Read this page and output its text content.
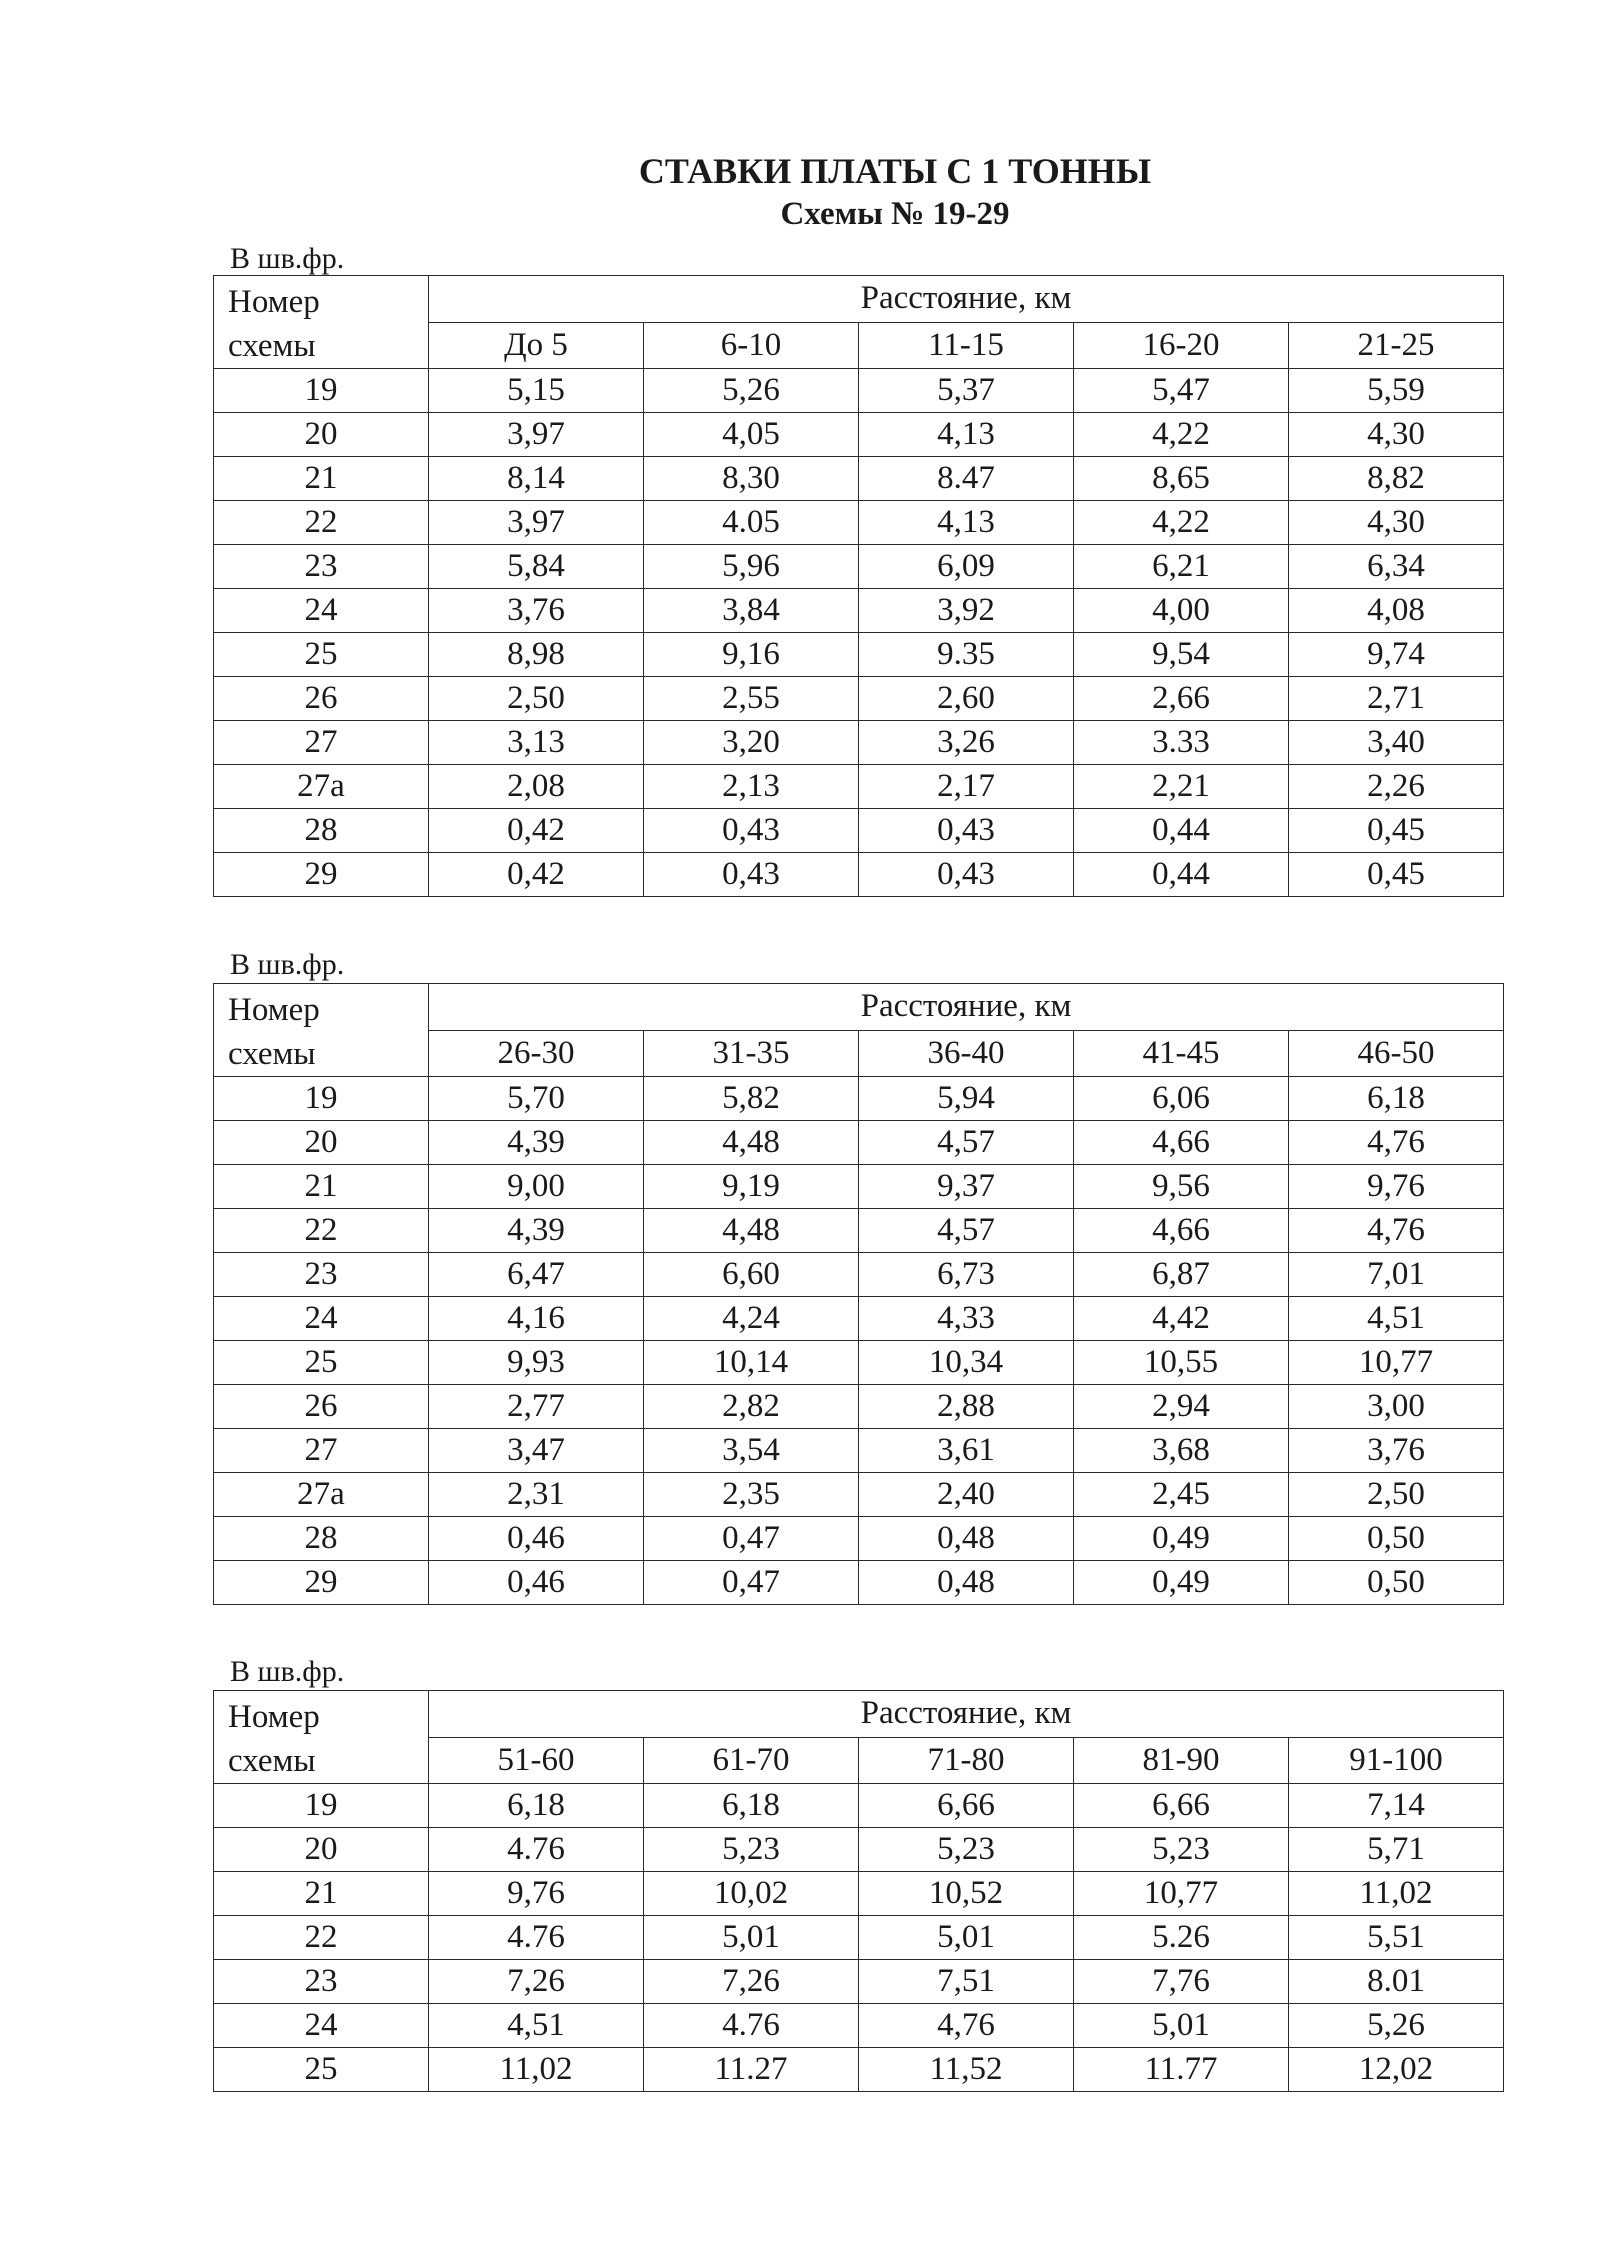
СТАВКИ ПЛАТЫ С 1 ТОННЫ
Схемы № 19-29
В шв.фр.
Номер
схемы	Расстояние, км				
	До 5	6-10	11-15	16-20	21-25
19	5,15	5,26	5,37	5,47	5,59
20	3,97	4,05	4,13	4,22	4,30
21	8,14	8,30	8.47	8,65	8,82
22	3,97	4.05	4,13	4,22	4,30
23	5,84	5,96	6,09	6,21	6,34
24	3,76	3,84	3,92	4,00	4,08
25	8,98	9,16	9.35	9,54	9,74
26	2,50	2,55	2,60	2,66	2,71
27	3,13	3,20	3,26	3.33	3,40
27а	2,08	2,13	2,17	2,21	2,26
28	0,42	0,43	0,43	0,44	0,45
29	0,42	0,43	0,43	0,44	0,45
В шв.фр.
Номер
схемы	Расстояние, км				
	26-30	31-35	36-40	41-45	46-50
19	5,70	5,82	5,94	6,06	6,18
20	4,39	4,48	4,57	4,66	4,76
21	9,00	9,19	9,37	9,56	9,76
22	4,39	4,48	4,57	4,66	4,76
23	6,47	6,60	6,73	6,87	7,01
24	4,16	4,24	4,33	4,42	4,51
25	9,93	10,14	10,34	10,55	10,77
26	2,77	2,82	2,88	2,94	3,00
27	3,47	3,54	3,61	3,68	3,76
27а	2,31	2,35	2,40	2,45	2,50
28	0,46	0,47	0,48	0,49	0,50
29	0,46	0,47	0,48	0,49	0,50
В шв.фр.
Номер
схемы	Расстояние, км				
	51-60	61-70	71-80	81-90	91-100
19	6,18	6,18	6,66	6,66	7,14
20	4.76	5,23	5,23	5,23	5,71
21	9,76	10,02	10,52	10,77	11,02
22	4.76	5,01	5,01	5.26	5,51
23	7,26	7,26	7,51	7,76	8.01
24	4,51	4.76	4,76	5,01	5,26
25	11,02	11.27	11,52	11.77	12,02
